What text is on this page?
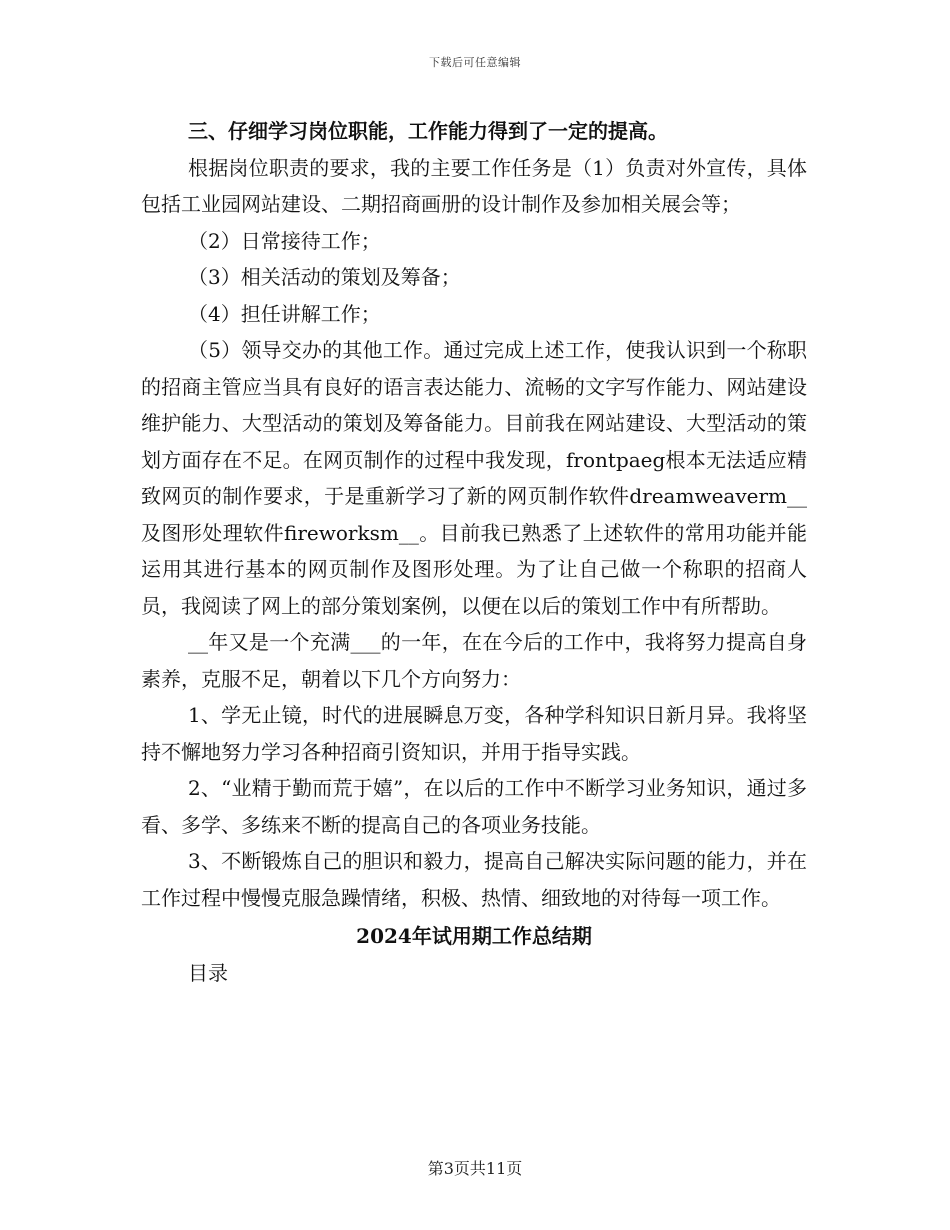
下载后可任意编辑

三、仔细学习岗位职能，工作能力得到了一定的提高。

根据岗位职责的要求，我的主要工作任务是（1）负责对外宣传，具体包括工业园网站建设、二期招商画册的设计制作及参加相关展会等；

（2）日常接待工作；

（3）相关活动的策划及筹备；

（4）担任讲解工作；

（5）领导交办的其他工作。通过完成上述工作，使我认识到一个称职的招商主管应当具有良好的语言表达能力、流畅的文字写作能力、网站建设维护能力、大型活动的策划及筹备能力。目前我在网站建设、大型活动的策划方面存在不足。在网页制作的过程中我发现，frontpaeg根本无法适应精致网页的制作要求，于是重新学习了新的网页制作软件dreamweaverm__及图形处理软件fireworksm__。目前我已熟悉了上述软件的常用功能并能运用其进行基本的网页制作及图形处理。为了让自己做一个称职的招商人员，我阅读了网上的部分策划案例，以便在以后的策划工作中有所帮助。

__年又是一个充满___的一年，在在今后的工作中，我将努力提高自身素养，克服不足，朝着以下几个方向努力：

1、学无止镜，时代的进展瞬息万变，各种学科知识日新月异。我将坚持不懈地努力学习各种招商引资知识，并用于指导实践。

2、“业精于勤而荒于嬉”，在以后的工作中不断学习业务知识，通过多看、多学、多练来不断的提高自己的各项业务技能。

3、不断锻炼自己的胆识和毅力，提高自己解决实际问题的能力，并在工作过程中慢慢克服急躁情绪，积极、热情、细致地的对待每一项工作。

2024年试用期工作总结期

目录

第3页共11页
